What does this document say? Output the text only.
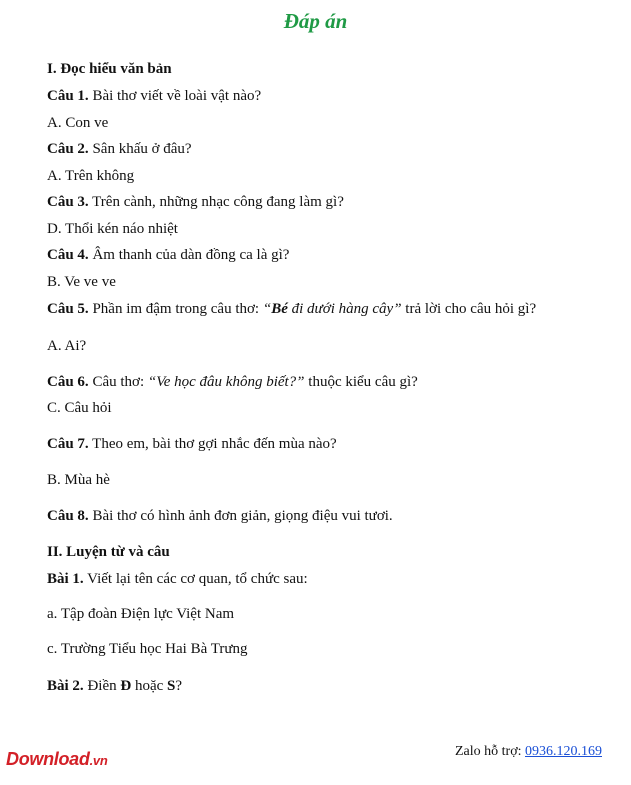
Đáp án
I. Đọc hiểu văn bản
Câu 1. Bài thơ viết về loài vật nào?
A. Con ve
Câu 2. Sân khấu ở đâu?
A. Trên không
Câu 3. Trên cành, những nhạc công đang làm gì?
D. Thổi kén náo nhiệt
Câu 4. Âm thanh của dàn đồng ca là gì?
B. Ve ve ve
Câu 5. Phần im đậm trong câu thơ: “Bé đi dưới hàng cây” trả lời cho câu hỏi gì?
A. Ai?
Câu 6. Câu thơ: “Ve học đâu không biết?” thuộc kiểu câu gì?
C. Câu hỏi
Câu 7. Theo em, bài thơ gợi nhắc đến mùa nào?
B. Mùa hè
Câu 8. Bài thơ có hình ảnh đơn giản, giọng điệu vui tươi.
II. Luyện từ và câu
Bài 1. Viết lại tên các cơ quan, tổ chức sau:
a. Tập đoàn Điện lực Việt Nam
c. Trường Tiểu học Hai Bà Trưng
Bài 2. Điền Đ hoặc S?
Download.vn
Zalo hỗ trợ: 0936.120.169
